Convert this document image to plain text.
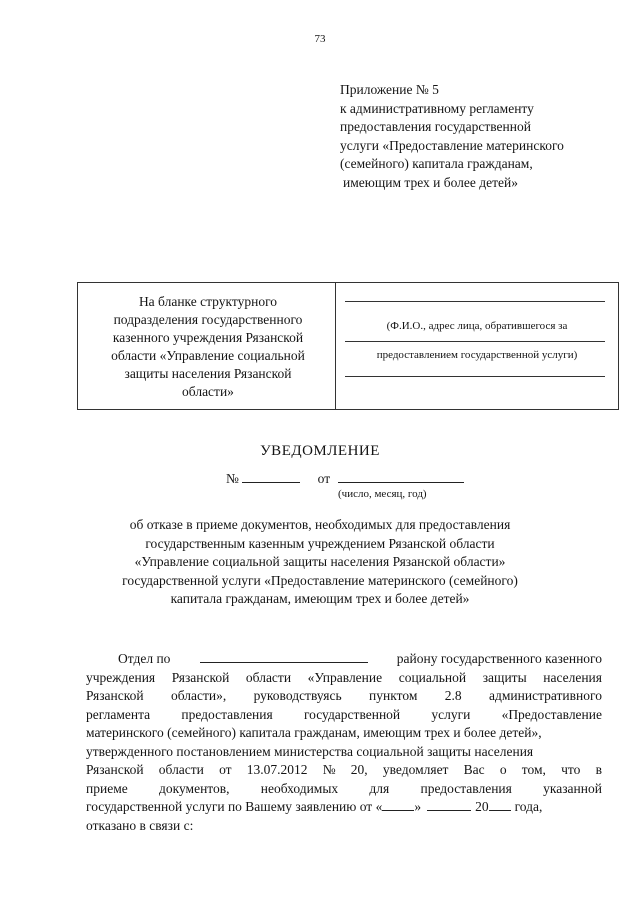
73
Приложение № 5
к административному регламенту
предоставления государственной
услуги «Предоставление материнского
(семейного) капитала гражданам,
имеющим трех и более детей»
На бланке структурного
подразделения государственного
казенного учреждения Рязанской
области «Управление социальной
защиты населения Рязанской
области»
(Ф.И.О., адрес лица, обратившегося за
предоставлением государственной услуги)
УВЕДОМЛЕНИЕ
№	от
(число, месяц, год)
об отказе в приеме документов, необходимых для предоставления
государственным казенным учреждением Рязанской области
«Управление социальной защиты населения Рязанской области»
государственной услуги «Предоставление материнского (семейного)
капитала гражданам, имеющим трех и более детей»
Отдел по	району государственного казенного
учреждения Рязанской области «Управление социальной защиты населения
Рязанской области», руководствуясь пунктом 2.8 административного
регламента предоставления государственной услуги «Предоставление
материнского (семейного) капитала гражданам, имеющим трех и более детей»,
утвержденного постановлением министерства социальной защиты населения
Рязанской области от 13.07.2012 № 20, уведомляет Вас о том, что в
приеме документов, необходимых для предоставления указанной
государственной услуги по Вашему заявлению от « »	20 года,
отказано в связи с:
